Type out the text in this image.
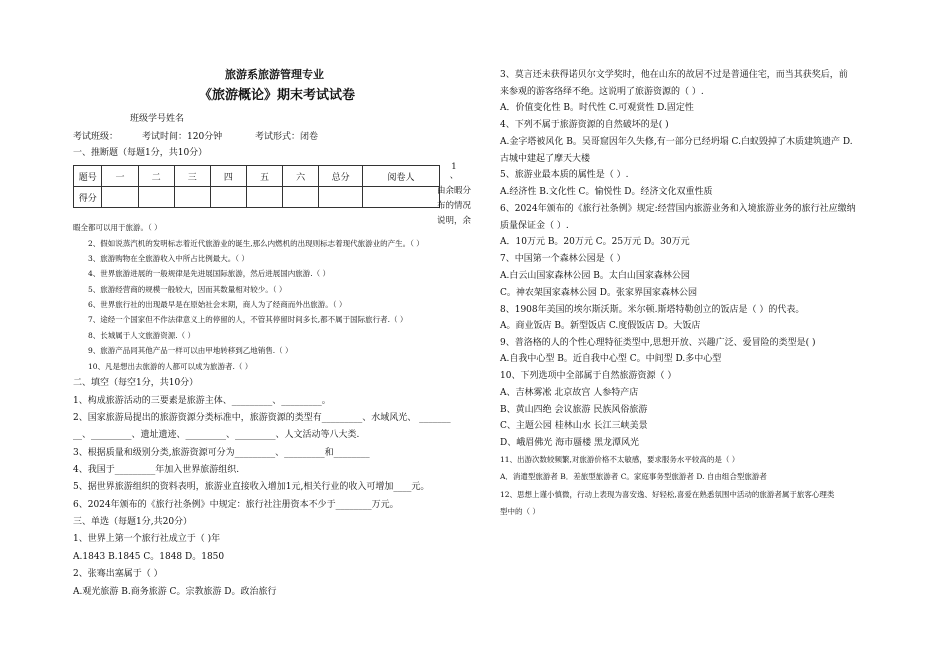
旅游系旅游管理专业
《旅游概论》期末考试试卷
班级学号姓名
考试班级：	考试时间：120分钟	考试形式：闭卷
一、推断题（每题1分，共10分）
题号	一	二	三	四	五	六	总分	阅卷人
得分								
1
、
由余暇分
布的情况
说明，余
暇全都可以用于旅游。（ ）
2、假如说蒸汽机的发明标志着近代旅游业的诞生,那么内燃机的出现则标志着现代旅游业的产生。（ ）
3、旅游购物在全旅游收入中所占比例最大。（ ）
4、世界旅游进展的一般规律是先进展国际旅游，然后进展国内旅游.（ ）
5、旅游经营商的规模一般较大，因而其数量相对较少。（ ）
6、世界旅行社的出现最早是在原始社会末期，商人为了经商而外出旅游。（ ）
7、途经一个国家但不作法律意义上的停留的人，不管其停留时间多长,都不属于国际旅行者.（ ）
8、长城属于人文旅游资源.（ ）
9、旅游产品同其他产品一样可以由甲地转移到乙地销售.（ ）
10、凡是想出去旅游的人都可以成为旅游者.（ ）
二、填空（每空1分，共10分）
1、构成旅游活动的三要素是旅游主体、_________、_________。
2、国家旅游局提出的旅游资源分类标准中，旅游资源的类型有_________、水域风光、 _______
__、_________、遗址遗迹、_________、_________、人文活动等八大类.
3、根据质量和级别分类,旅游资源可分为_________、_________和________
4、我国于_________年加入世界旅游组织.
5、据世界旅游组织的资料表明，旅游业直接收入增加1元,相关行业的收入可增加____元。
6、2024年颁布的《旅行社条例》中规定：旅行社注册资本不少于________万元。
三、单选（每题1分,共20分）
1、世界上第一个旅行社成立于（ )年
A.1843 B.1845 C。1848 D。1850
2、张骞出塞属于（ ）
A.观光旅游 B.商务旅游 C。宗教旅游 D。政治旅行
3、莫言还未获得诺贝尔文学奖时，他在山东的故居不过是普通住宅，而当其获奖后，前
来参观的游客络绎不绝。这说明了旅游资源的（ ）.
A．价值变化性 B。时代性 C.可观赏性 D.固定性
4、下列不属于旅游资源的自然破坏的是( )
A.金字塔被风化 B。吴哥窟因年久失修,有一部分已经坍塌 C.白蚁毁掉了木质建筑遗产 D.
古城中建起了摩天大楼
5、旅游业最本质的属性是（ ）.
A.经济性 B.文化性 C。愉悦性 D。经济文化双重性质
6、2024年颁布的《旅行社条例》规定:经营国内旅游业务和入境旅游业务的旅行社应缴纳
质量保证金（ ）.
A．10万元 B。20万元 C。25万元 D。30万元
7、中国第一个森林公园是（ ）
A.白云山国家森林公园 B。太白山国家森林公园
C。神农架国家森林公园 D。张家界国家森林公园
8、1908年美国的埃尔斯沃斯。米尔顿.斯塔特勒创立的饭店是（ ）的代表。
A。商业饭店 B。新型饭店 C.度假饭店 D。大饭店
9、普洛格的人的个性心理特征类型中,思想开放、兴趣广泛、爱冒险的类型是( )
A.自我中心型 B。近自我中心型 C。中间型 D.多中心型
10、下列选项中全部属于自然旅游资源（ ）
A、吉林雾凇 北京故宫 人参特产店
B、黄山四绝 会议旅游 民族风俗旅游
C、主题公园 桂林山水 长江三峡美景
D、峨眉佛光 海市蜃楼 黑龙潭风光
11、出游次数较频繁,对旅游价格不太敏感，要求服务水平较高的是（ ）
A．消遣型旅游者 B．差旅型旅游者 C。家庭事务型旅游者 D. 自由组合型旅游者
12、思想上谨小慎微，行动上表现为喜安逸、好轻松,喜爱在熟悉氛围中活动的旅游者属于旅客心理类
型中的（ ）
